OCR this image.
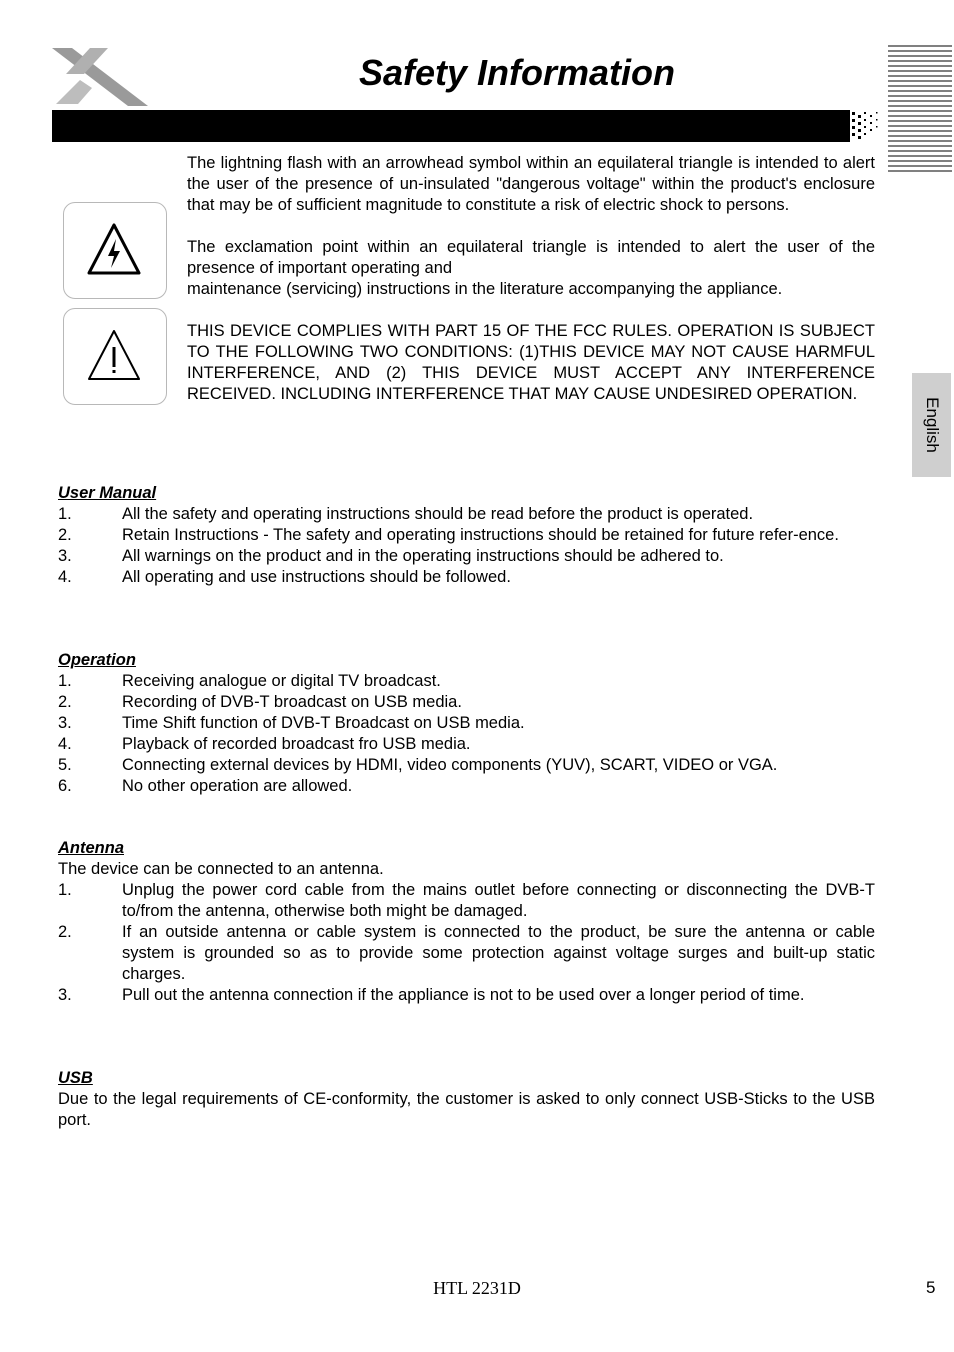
Safety Information
English

The lightning flash with an arrowhead symbol within an equilateral triangle is intended to alert the user of the presence of un-insulated "dangerous voltage" within the product's enclosure that may be of sufficient magnitude to constitute a risk of electric shock to persons.

The exclamation point within an equilateral triangle is intended to alert the user of the presence of important operating and
maintenance (servicing) instructions in the literature accompanying the appliance.

THIS DEVICE COMPLIES WITH PART 15 OF THE FCC RULES. OPERATION IS SUBJECT TO THE FOLLOWING TWO CONDITIONS: (1)THIS DEVICE MAY NOT CAUSE HARMFUL INTERFERENCE, AND (2) THIS DEVICE MUST ACCEPT ANY INTERFERENCE RECEIVED. INCLUDING INTERFERENCE THAT MAY CAUSE UNDESIRED OPERATION.

User Manual
1.	All the safety and operating instructions should be read before the product is operated.
2.	Retain Instructions - The safety and operating instructions should be retained for future refer-ence.
3.	All warnings on the product and in the operating instructions should be adhered to.
4.	All operating and use instructions should be followed.
Operation
1.	Receiving analogue or digital TV broadcast.
2.	Recording of DVB-T broadcast on USB media.
3.	Time Shift function of DVB-T Broadcast on USB media.
4.	Playback of recorded broadcast fro USB media.
5.	Connecting external devices by HDMI, video components (YUV), SCART, VIDEO or VGA.
6.	No other operation are allowed.
Antenna

The device can be connected to an antenna.

1.	Unplug the power cord cable from the mains outlet before connecting or disconnecting the DVB-T to/from the antenna, otherwise both might be damaged.
2.	If an outside antenna or cable system is connected to the product, be sure the antenna or cable system is grounded so as to provide some protection against voltage surges and built-up static charges.
3.	Pull out the antenna connection if the appliance is not to be used over a longer period of time.
USB

Due to the legal requirements of CE-conformity, the customer is asked to only connect USB-Sticks to the USB port.

HTL 2231D	5
